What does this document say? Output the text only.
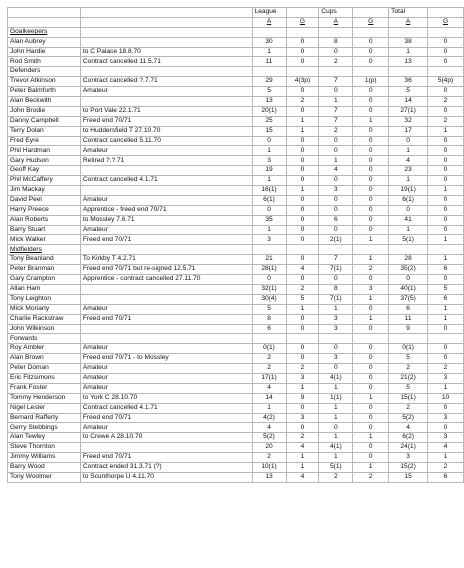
		League		Cups		Total	
		A	G	A	G	A	G
Goalkeepers							
Alan Aubrey		30	0	8	0	38	0
John Hardie	to C Palace 18.8.70	1	0	0	0	1	0
Rod Smith	Contract cancelled 11.5.71	11	0	2	0	13	0
Defenders							
Trevor Atkinson	Contract cancelled ?.7.71	29	4(3p)	7	1(p)	36	5(4p)
Peter Balmforth	Amateur	5	0	0	0	5	0
Alan Beckwith		13	2	1	0	14	2
John Brodie	to Port Vale 22.1.71	20(1)	0	7	0	27(1)	0
Danny Campbell	Freed end 70/71	25	1	7	1	32	2
Terry Dolan	to Huddersfield T 27.10.70	15	1	2	0	17	1
Fred Eyre	Contract cancelled 5.11.70	0	0	0	0	0	0
Phil Hardman	Amateur	1	0	0	0	1	0
Gary Hudson	Retired ?.?.71	3	0	1	0	4	0
Geoff Kay		19	0	4	0	23	0
Phil McCaffery	Contract cancelled 4.1.71	1	0	0	0	1	0
Jim Mackay		16(1)	1	3	0	19(1)	1
David Peel	Amateur	6(1)	0	0	0	6(1)	0
Harry Preece	Apprentice - freed end 70/71	0	0	0	0	0	0
Alan Roberts	to Mossley 7.6.71	35	0	6	0	41	0
Barry Stuart	Amateur	1	0	0	0	1	0
Mick Walker	Freed end 70/71	3	0	2(1)	1	5(1)	1
Midfielders							
Tony Beanland	To Kirkby T 4.2.71	21	0	7	1	28	1
Peter Branman	Freed end 70/71 but re-signed 12.5.71	28(1)	4	7(1)	2	35(2)	6
Gary Crampton	Apprentice - contract cancelled 27.11.70	0	0	0	0	0	0
Allan Ham		32(1)	2	8	3	40(1)	5
Tony Leighton		30(4)	5	7(1)	1	37(5)	6
Mick Moriarty	Amateur	5	1	1	0	6	1
Charlie Rackstraw	Freed end 70/71	8	0	3	1	11	1
John Wilkinson		6	0	3	0	9	0
Forwards							
Roy Ambler	Amateur	0(1)	0	0	0	0(1)	0
Alan Brown	Freed end 70/71 - to Mossley	2	0	3	0	5	0
Peter Doman	Amateur	2	2	0	0	2	2
Eric Fitzsimons	Amateur	17(1)	3	4(1)	0	21(2)	3
Frank Foster	Amateur	4	1	1	0	5	1
Tommy Henderson	to York C 28.10.70	14	9	1(1)	1	15(1)	10
Nigel Lester	Contract cancelled 4.1.71	1	0	1	0	2	0
Bernard Rafferty	Freed end 70/71	4(2)	3	1	0	5(2)	3
Gerry Stebbings	Amateur	4	0	0	0	4	0
Alan Tewley	to Crewe A 28.10.70	5(2)	2	1	1	6(2)	3
Steve Thornton		20	4	4(1)	0	24(1)	4
Jimmy Williams	Freed end 70/71	2	1	1	0	3	1
Barry Wood	Contract ended 31.3.71 (?)	10(1)	1	5(1)	1	15(2)	2
Tony Woolmer	to Scunthorpe U 4.11.70	13	4	2	2	15	6
